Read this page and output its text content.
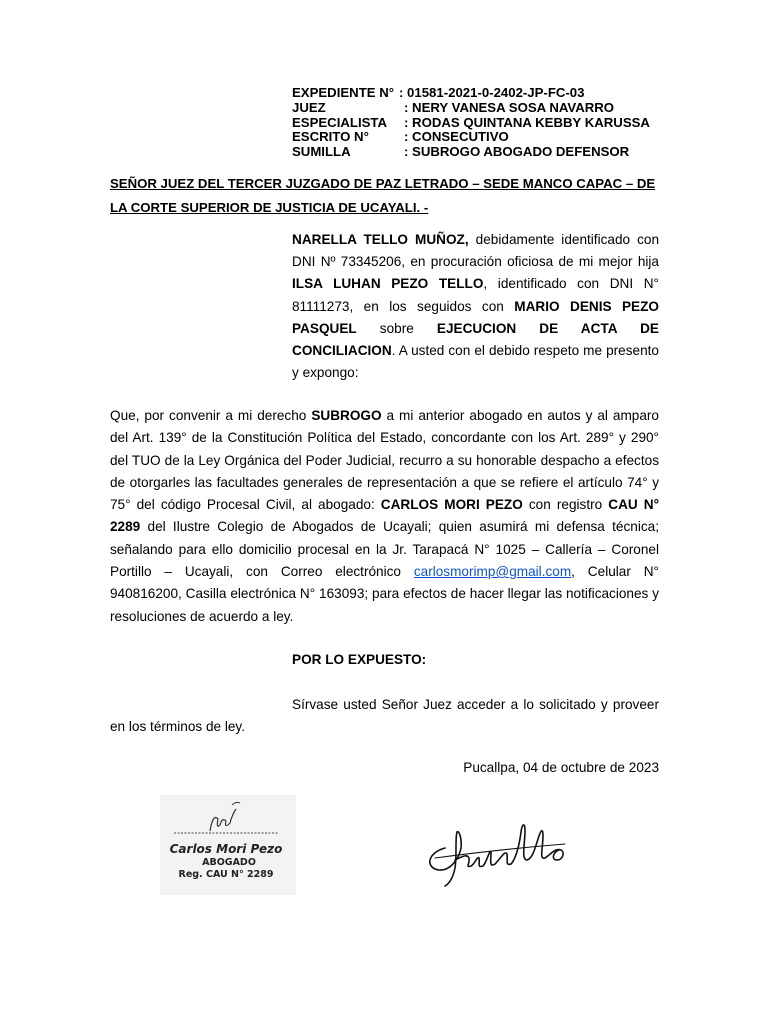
EXPEDIENTE N° : 01581-2021-0-2402-JP-FC-03
JUEZ	: NERY VANESA SOSA NAVARRO
ESPECIALISTA	: RODAS QUINTANA KEBBY KARUSSA
ESCRITO N°	: CONSECUTIVO
SUMILLA	: SUBROGO ABOGADO DEFENSOR
SEÑOR JUEZ DEL TERCER JUZGADO DE PAZ LETRADO – SEDE MANCO CAPAC – DE LA CORTE SUPERIOR DE JUSTICIA DE UCAYALI. -
NARELLA TELLO MUÑOZ, debidamente identificado con DNI Nº 73345206, en procuración oficiosa de mi mejor hija ILSA LUHAN PEZO TELLO, identificado con DNI N° 81111273, en los seguidos con MARIO DENIS PEZO PASQUEL sobre EJECUCION DE ACTA DE CONCILIACION. A usted con el debido respeto me presento y expongo:
Que, por convenir a mi derecho SUBROGO a mi anterior abogado en autos y al amparo del Art. 139° de la Constitución Política del Estado, concordante con los Art. 289° y 290° del TUO de la Ley Orgánica del Poder Judicial, recurro a su honorable despacho a efectos de otorgarles las facultades generales de representación a que se refiere el artículo 74° y 75° del código Procesal Civil, al abogado: CARLOS MORI PEZO con registro CAU N° 2289 del Ilustre Colegio de Abogados de Ucayali; quien asumirá mi defensa técnica; señalando para ello domicilio procesal en la Jr. Tarapacá N° 1025 – Callería – Coronel Portillo – Ucayali, con Correo electrónico carlosmorimp@gmail.com, Celular N° 940816200, Casilla electrónica N° 163093; para efectos de hacer llegar las notificaciones y resoluciones de acuerdo a ley.
POR LO EXPUESTO:
Sírvase usted Señor Juez acceder a lo solicitado y proveer en los términos de ley.
Pucallpa, 04 de octubre de 2023
Carlos Mori Pezo
ABOGADO
Reg. CAU N° 2289
